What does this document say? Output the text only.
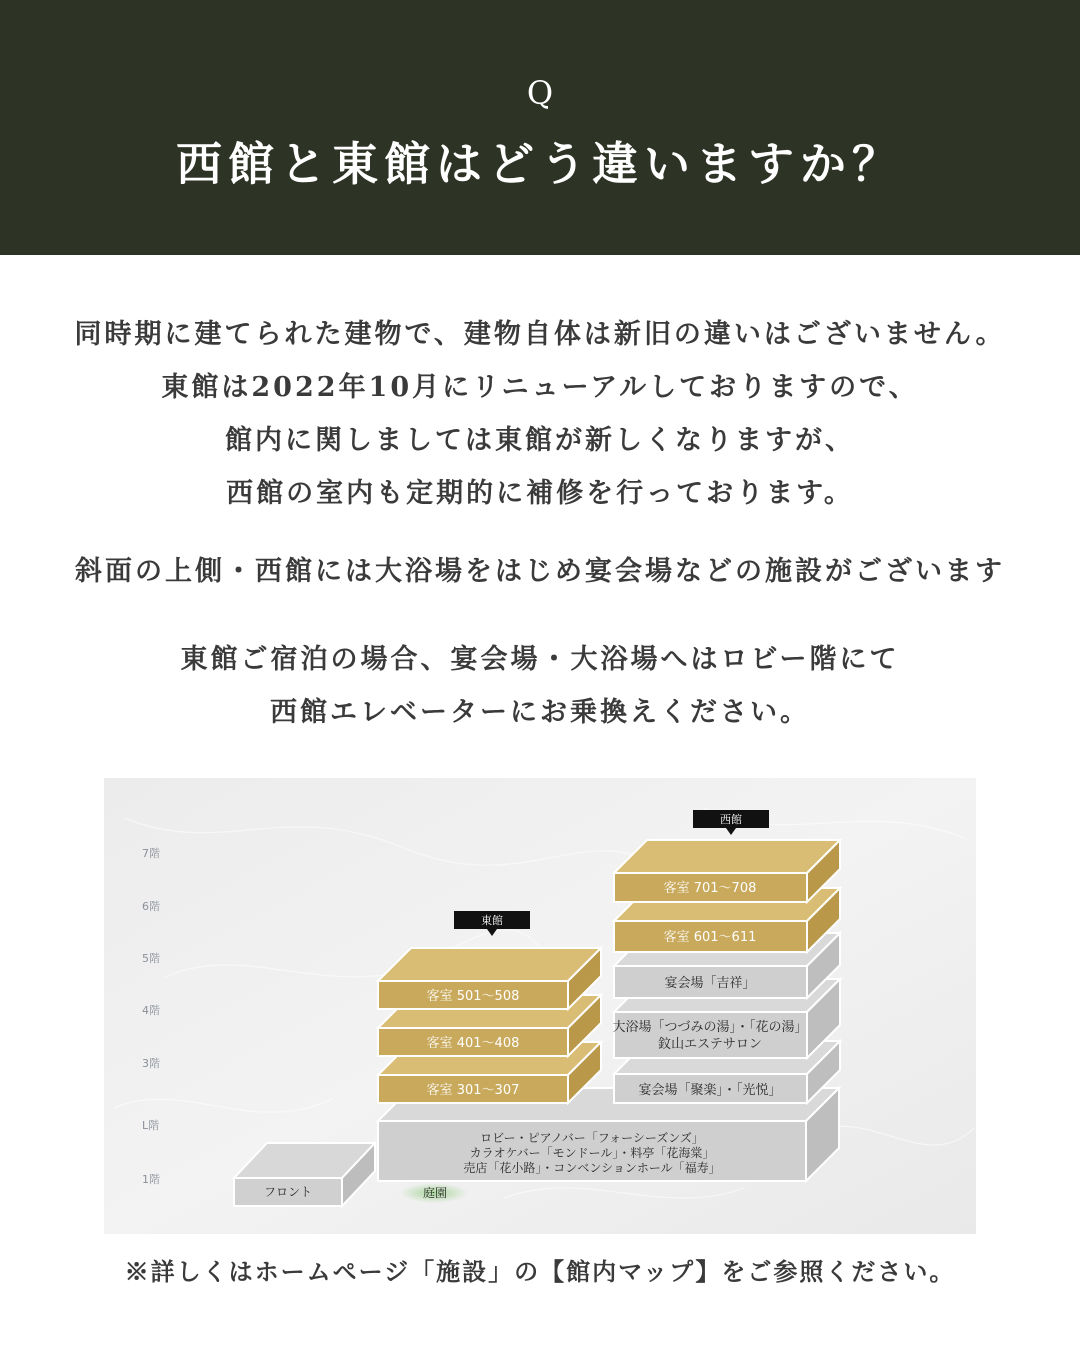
Q
西館と東館はどう違いますか？
同時期に建てられた建物で、建物自体は新旧の違いはございません。
東館は2022年10月にリニューアルしておりますので、
館内に関しましては東館が新しくなりますが、
西館の室内も定期的に補修を行っております。
斜面の上側・西館には大浴場をはじめ宴会場などの施設がございます
東館ご宿泊の場合、宴会場・大浴場へはロビー階にて
西館エレベーターにお乗換えください。
7階
6階
5階
4階
3階
L階
1階
フロント	庭園
ロビー・ピアノバー「フォーシーズンズ」
カラオケバー「モンドール」・料亭「花海棠」
売店「花小路」・コンベンションホール「福寿」
客室 301〜307
客室 401〜408
客室 501〜508
東館
宴会場「聚楽」・「光悦」
大浴場「つづみの湯」・「花の湯」
鈫山エステサロン
宴会場「吉祥」
客室 601〜611
客室 701〜708
西館
※詳しくはホームページ「施設」の【館内マップ】をご参照ください。
